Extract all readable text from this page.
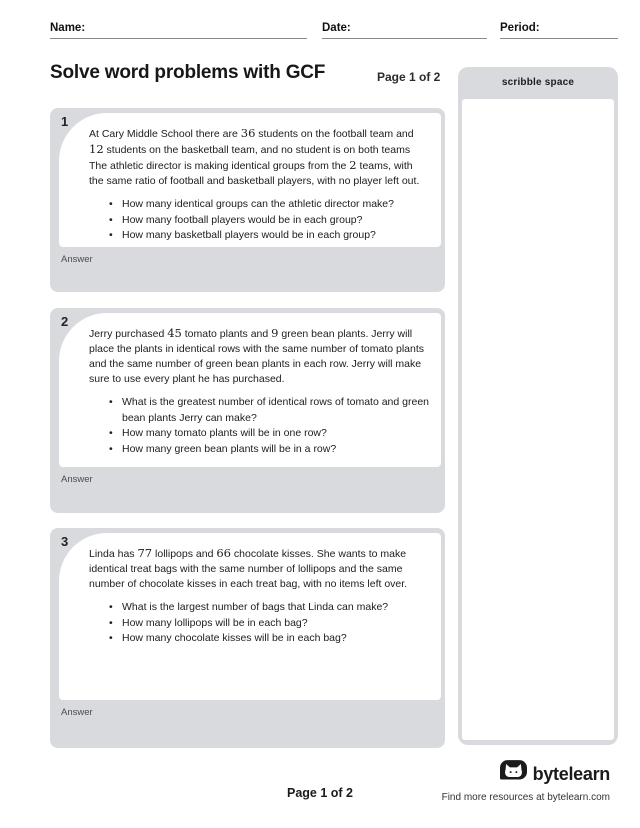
Name:	Date:	Period:
Solve word problems with GCF	Page 1 of 2	scribble space

At Cary Middle School there are 36 students on the football team and 12 students on the basketball team, and no student is on both teams The athletic director is making identical groups from the 2 teams, with the same ratio of football and basketball players, with no player left out.

• How many identical groups can the athletic director make?
• How many football players would be in each group?
• How many basketball players would be in each group?
1
Answer

Jerry purchased 45 tomato plants and 9 green bean plants. Jerry will place the plants in identical rows with the same number of tomato plants and the same number of green bean plants in each row. Jerry will make sure to use every plant he has purchased.

• What is the greatest number of identical rows of tomato and green bean plants Jerry can make?
• How many tomato plants will be in one row?
• How many green bean plants will be in a row?
2
Answer

Linda has 77 lollipops and 66 chocolate kisses. She wants to make identical treat bags with the same number of lollipops and the same number of chocolate kisses in each treat bag, with no items left over.

• What is the largest number of bags that Linda can make?
• How many lollipops will be in each bag?
• How many chocolate kisses will be in each bag?
3
Answer
Page 1 of 2
bytelearn
Find more resources at bytelearn.com
